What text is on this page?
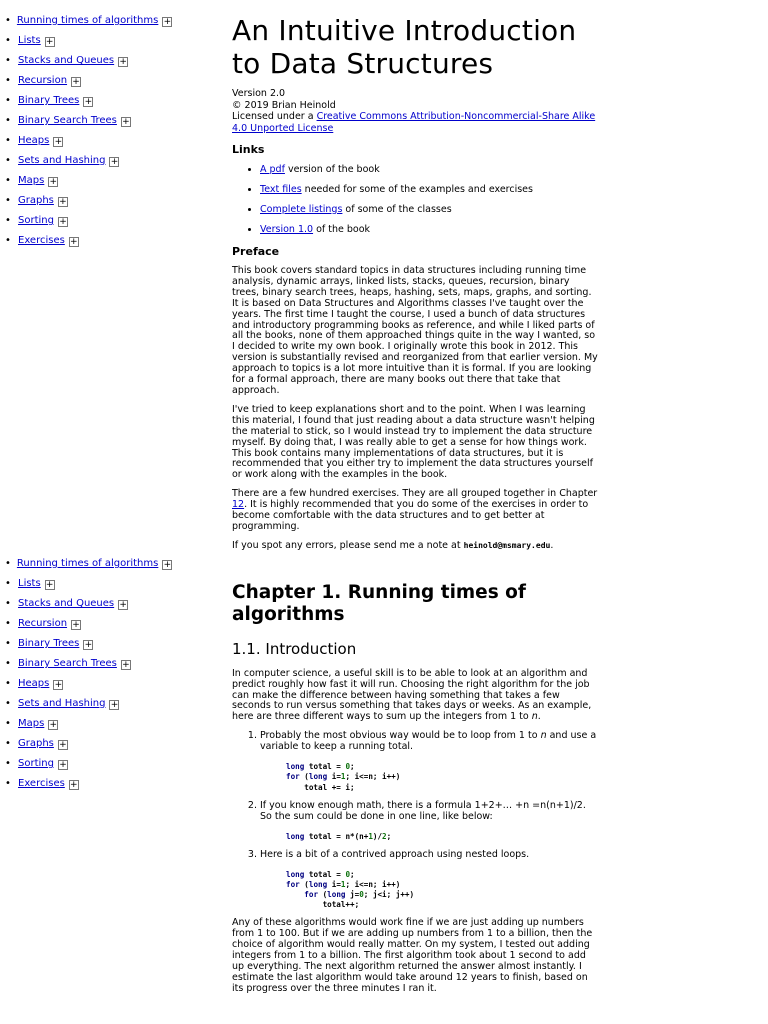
• Running times of algorithms +
• Lists +
• Stacks and Queues +
• Recursion +
• Binary Trees +
• Binary Search Trees +
• Heaps +
• Sets and Hashing +
• Maps +
• Graphs +
• Sorting +
• Exercises +
• Running times of algorithms +
• Lists +
• Stacks and Queues +
• Recursion +
• Binary Trees +
• Binary Search Trees +
• Heaps +
• Sets and Hashing +
• Maps +
• Graphs +
• Sorting +
• Exercises +
An Intuitive Introduction to Data Structures

Version 2.0

© 2019 Brian Heinold

Licensed under a Creative Commons Attribution-Noncommercial-Share Alike 4.0 Unported License

Links
• A pdf version of the book
• Text files needed for some of the examples and exercises
• Complete listings of some of the classes
• Version 1.0 of the book
Preface

This book covers standard topics in data structures including running time analysis, dynamic arrays, linked lists, stacks, queues, recursion, binary trees, binary search trees, heaps, hashing, sets, maps, graphs, and sorting. It is based on Data Structures and Algorithms classes I've taught over the years. The first time I taught the course, I used a bunch of data structures and introductory programming books as reference, and while I liked parts of all the books, none of them approached things quite in the way I wanted, so I decided to write my own book. I originally wrote this book in 2012. This version is substantially revised and reorganized from that earlier version. My approach to topics is a lot more intuitive than it is formal. If you are looking for a formal approach, there are many books out there that take that approach.

I've tried to keep explanations short and to the point. When I was learning this material, I found that just reading about a data structure wasn't helping the material to stick, so I would instead try to implement the data structure myself. By doing that, I was really able to get a sense for how things work. This book contains many implementations of data structures, but it is recommended that you either try to implement the data structures yourself or work along with the examples in the book.

There are a few hundred exercises. They are all grouped together in Chapter 12. It is highly recommended that you do some of the exercises in order to become comfortable with the data structures and to get better at programming.

If you spot any errors, please send me a note at heinold@msmary.edu.

Chapter 1. Running times of algorithms
1.1. Introduction

In computer science, a useful skill is to be able to look at an algorithm and predict roughly how fast it will run. Choosing the right algorithm for the job can make the difference between having something that takes a few seconds to run versus something that takes days or weeks. As an example, here are three different ways to sum up the integers from 1 to n.

1. Probably the most obvious way would be to loop from 1 to n and use a variable to keep a running total.
long total = 0;
for (long i=1; i<=n; i++)
total += i;
2. If you know enough math, there is a formula 1+2+… +n =n(n+1)/2. So the sum could be done in one line, like below:
long total = n*(n+1)/2;
3. Here is a bit of a contrived approach using nested loops.
long total = 0;
for (long i=1; i<=n; i++)
for (long j=0; j<i; j++)
total++;

Any of these algorithms would work fine if we are just adding up numbers from 1 to 100. But if we are adding up numbers from 1 to a billion, then the choice of algorithm would really matter. On my system, I tested out adding integers from 1 to a billion. The first algorithm took about 1 second to add up everything. The next algorithm returned the answer almost instantly. I estimate the last algorithm would take around 12 years to finish, based on its progress over the three minutes I ran it.
